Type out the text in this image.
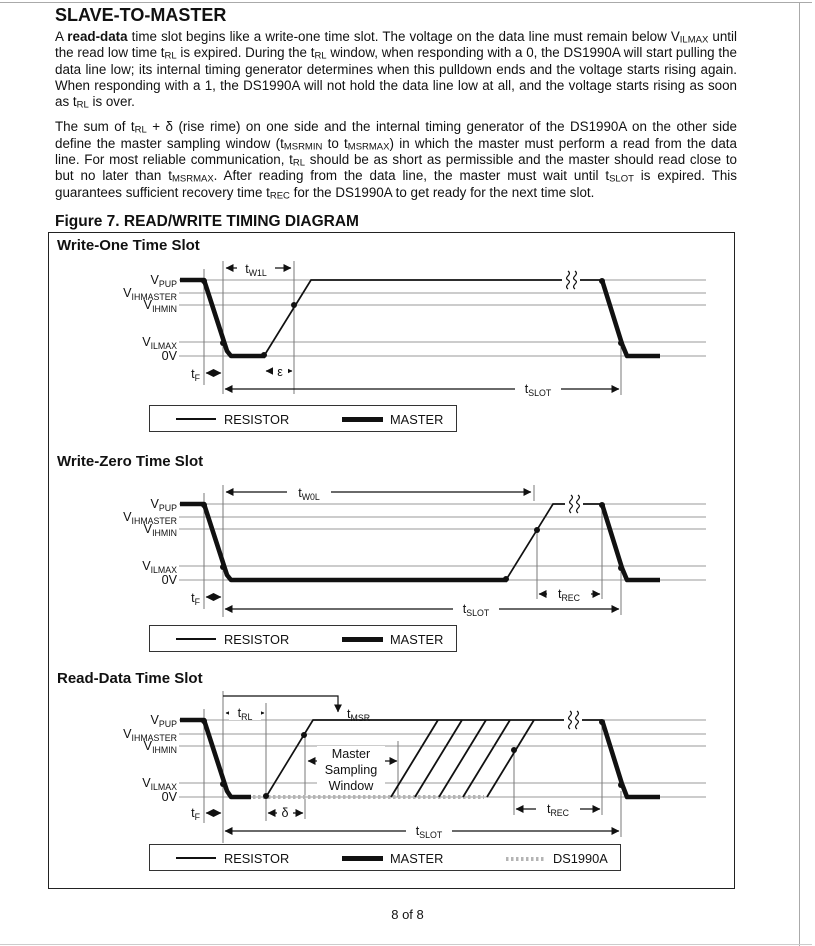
SLAVE-TO-MASTER

A read-data time slot begins like a write-one time slot. The voltage on the data line must remain below $V_{ILMAX}$ until the read low time $t_{RL}$ is expired. During the $t_{RL}$ window, when responding with a 0, the DS1990A will start pulling the data line low; its internal timing generator determines when this pulldown ends and the voltage starts rising again. When responding with a 1, the DS1990A will not hold the data line low at all, and the voltage starts rising as soon as $t_{RL}$ is over.

The sum of $t_{RL} + \delta$ (rise rime) on one side and the internal timing generator of the DS1990A on the other side define the master sampling window ($t_{MSRMIN}$ to $t_{MSRMAX}$) in which the master must perform a read from the data line. For most reliable communication, $t_{RL}$ should be as short as permissible and the master should read close to but no later than $t_{MSRMAX}$. After reading from the data line, the master must wait until $t_{SLOT}$ is expired. This guarantees sufficient recovery time $t_{REC}$ for the DS1990A to get ready for the next time slot.

Figure 7. READ/WRITE TIMING DIAGRAM
Write-One Time Slot
$V_{PUP}$
$V_{IHMASTER}$
$V_{IHMIN}$
$V_{ILMAX}$
0V
$t_{W1L}$
$t_F$	ε
$t_{SLOT}$
RESISTOR	MASTER
Write-Zero Time Slot
$V_{PUP}$
$V_{IHMASTER}$
$V_{IHMIN}$
$V_{ILMAX}$
0V
$t_{W0L}$
$t_F$
$t_{REC}$
$t_{SLOT}$
RESISTOR	MASTER
Read-Data Time Slot
$V_{PUP}$
$V_{IHMASTER}$
$V_{IHMIN}$
$V_{ILMAX}$
0V
$t_{RL}$	$t_{MSR}$
δ
$t_F$
$t_{REC}$
$t_{SLOT}$
Master
Sampling
Window
RESISTOR	MASTER	DS1990A
8 of 8
